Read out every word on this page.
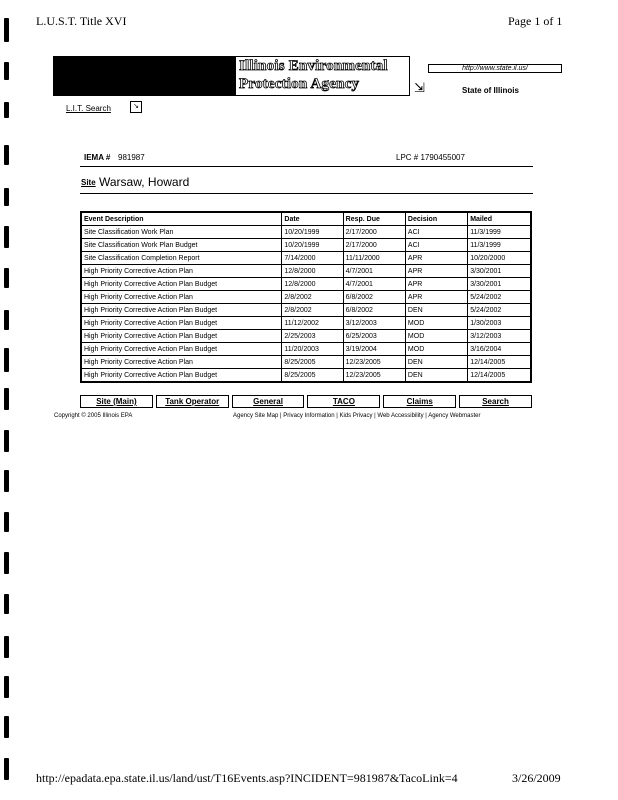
L.U.S.T. Title XVI	Page 1 of 1
Illinois Environmental
Protection Agency	⇲
http://www.state.il.us/
State of Illinois
L.I.T. Search	↘
IEMA # 981987	LPC # 1790455007
Site Warsaw, Howard
Event Description	Date	Resp. Due	Decision	Mailed
Site Classification Work Plan	10/20/1999	2/17/2000	ACI	11/3/1999
Site Classification Work Plan Budget	10/20/1999	2/17/2000	ACI	11/3/1999
Site Classification Completion Report	7/14/2000	11/11/2000	APR	10/20/2000
High Priority Corrective Action Plan	12/8/2000	4/7/2001	APR	3/30/2001
High Priority Corrective Action Plan Budget	12/8/2000	4/7/2001	APR	3/30/2001
High Priority Corrective Action Plan	2/8/2002	6/8/2002	APR	5/24/2002
High Priority Corrective Action Plan Budget	2/8/2002	6/8/2002	DEN	5/24/2002
High Priority Corrective Action Plan Budget	11/12/2002	3/12/2003	MOD	1/30/2003
High Priority Corrective Action Plan Budget	2/25/2003	6/25/2003	MOD	3/12/2003
High Priority Corrective Action Plan Budget	11/20/2003	3/19/2004	MOD	3/16/2004
High Priority Corrective Action Plan	8/25/2005	12/23/2005	DEN	12/14/2005
High Priority Corrective Action Plan Budget	8/25/2005	12/23/2005	DEN	12/14/2005
Site (Main)	Tank Operator	General	TACO	Claims	Search
Copyright © 2005 Illinois EPA	Agency Site Map | Privacy Information | Kids Privacy | Web Accessibility | Agency Webmaster
http://epadata.epa.state.il.us/land/ust/T16Events.asp?INCIDENT=981987&TacoLink=4	3/26/2009
